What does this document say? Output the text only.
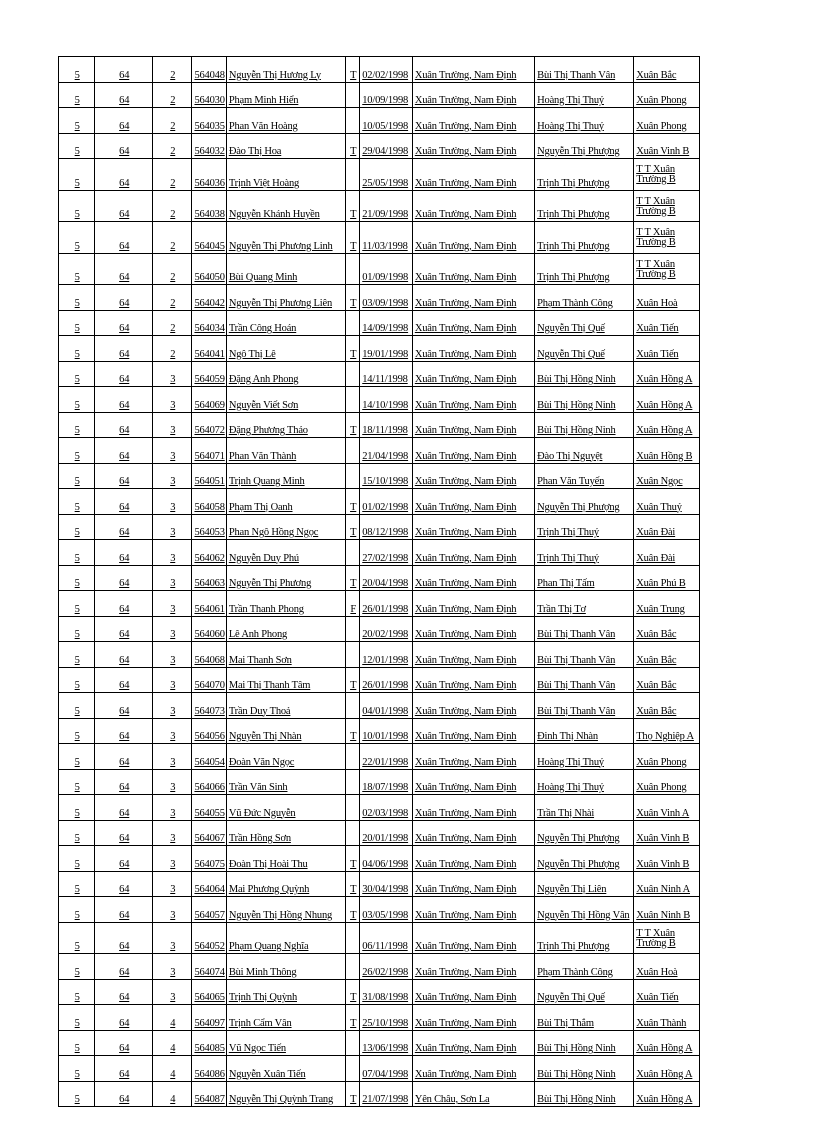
5	64	2	564048	Nguyễn Thị Hương Ly	T	02/02/1998	Xuân Trường, Nam Định	Bùi Thị Thanh Vân	Xuân Bắc
5	64	2	564030	Phạm Minh Hiển		10/09/1998	Xuân Trường, Nam Định	Hoàng Thị Thuý	Xuân Phong
5	64	2	564035	Phan Văn Hoàng		10/05/1998	Xuân Trường, Nam Định	Hoàng Thị Thuý	Xuân Phong
5	64	2	564032	Đào Thị Hoa	T	29/04/1998	Xuân Trường, Nam Định	Nguyễn Thị Phượng	Xuân Vinh B
5	64	2	564036	Trịnh Việt Hoàng		25/05/1998	Xuân Trường, Nam Định	Trịnh Thị Phượng	T T Xuân Trường B
5	64	2	564038	Nguyễn Khánh Huyền	T	21/09/1998	Xuân Trường, Nam Định	Trịnh Thị Phượng	T T Xuân Trường B
5	64	2	564045	Nguyễn Thị Phương Linh	T	11/03/1998	Xuân Trường, Nam Định	Trịnh Thị Phượng	T T Xuân Trường B
5	64	2	564050	Bùi Quang Minh		01/09/1998	Xuân Trường, Nam Định	Trịnh Thị Phượng	T T Xuân Trường B
5	64	2	564042	Nguyễn Thị Phương Liên	T	03/09/1998	Xuân Trường, Nam Định	Phạm Thành Công	Xuân Hoà
5	64	2	564034	Trần Công Hoán		14/09/1998	Xuân Trường, Nam Định	Nguyễn Thị Quế	Xuân Tiến
5	64	2	564041	Ngô Thị Lê	T	19/01/1998	Xuân Trường, Nam Định	Nguyễn Thị Quế	Xuân Tiến
5	64	3	564059	Đặng Anh Phong		14/11/1998	Xuân Trường, Nam Định	Bùi Thị Hồng Ninh	Xuân Hồng A
5	64	3	564069	Nguyễn Viết Sơn		14/10/1998	Xuân Trường, Nam Định	Bùi Thị Hồng Ninh	Xuân Hồng A
5	64	3	564072	Đặng Phương Thảo	T	18/11/1998	Xuân Trường, Nam Định	Bùi Thị Hồng Ninh	Xuân Hồng A
5	64	3	564071	Phan Văn Thành		21/04/1998	Xuân Trường, Nam Định	Đào Thị Nguyệt	Xuân Hồng B
5	64	3	564051	Trịnh Quang Minh		15/10/1998	Xuân Trường, Nam Định	Phan Văn Tuyến	Xuân Ngọc
5	64	3	564058	Phạm Thị Oanh	T	01/02/1998	Xuân Trường, Nam Định	Nguyễn Thị Phượng	Xuân Thuỷ
5	64	3	564053	Phan Ngô Hồng Ngọc	T	08/12/1998	Xuân Trường, Nam Định	Trịnh Thị Thuý	Xuân Đài
5	64	3	564062	Nguyễn Duy Phú		27/02/1998	Xuân Trường, Nam Định	Trịnh Thị Thuý	Xuân Đài
5	64	3	564063	Nguyễn Thị Phương	T	20/04/1998	Xuân Trường, Nam Định	Phan Thị Tấm	Xuân Phú B
5	64	3	564061	Trần Thanh Phong	F	26/01/1998	Xuân Trường, Nam Định	Trần Thị Tơ	Xuân Trung
5	64	3	564060	Lê Anh Phong		20/02/1998	Xuân Trường, Nam Định	Bùi Thị Thanh Vân	Xuân Bắc
5	64	3	564068	Mai Thanh Sơn		12/01/1998	Xuân Trường, Nam Định	Bùi Thị Thanh Vân	Xuân Bắc
5	64	3	564070	Mai Thị Thanh Tâm	T	26/01/1998	Xuân Trường, Nam Định	Bùi Thị Thanh Vân	Xuân Bắc
5	64	3	564073	Trần Duy Thoả		04/01/1998	Xuân Trường, Nam Định	Bùi Thị Thanh Vân	Xuân Bắc
5	64	3	564056	Nguyễn Thị Nhàn	T	10/01/1998	Xuân Trường, Nam Định	Đinh Thị Nhàn	Thọ Nghiệp A
5	64	3	564054	Đoàn Văn Ngọc		22/01/1998	Xuân Trường, Nam Định	Hoàng Thị Thuý	Xuân Phong
5	64	3	564066	Trần Văn Sinh		18/07/1998	Xuân Trường, Nam Định	Hoàng Thị Thuý	Xuân Phong
5	64	3	564055	Vũ Đức Nguyễn		02/03/1998	Xuân Trường, Nam Định	Trần Thị Nhài	Xuân Vinh A
5	64	3	564067	Trần Hồng Sơn		20/01/1998	Xuân Trường, Nam Định	Nguyễn Thị Phượng	Xuân Vinh B
5	64	3	564075	Đoàn Thị Hoài Thu	T	04/06/1998	Xuân Trường, Nam Định	Nguyễn Thị Phượng	Xuân Vinh B
5	64	3	564064	Mai Phương Quỳnh	T	30/04/1998	Xuân Trường, Nam Định	Nguyễn Thị Liên	Xuân Ninh A
5	64	3	564057	Nguyễn Thị Hồng Nhung	T	03/05/1998	Xuân Trường, Nam Định	Nguyễn Thị Hồng Vân	Xuân Ninh B
5	64	3	564052	Phạm Quang Nghĩa		06/11/1998	Xuân Trường, Nam Định	Trịnh Thị Phượng	T T Xuân Trường B
5	64	3	564074	Bùi Minh Thông		26/02/1998	Xuân Trường, Nam Định	Phạm Thành Công	Xuân Hoà
5	64	3	564065	Trịnh Thị Quỳnh	T	31/08/1998	Xuân Trường, Nam Định	Nguyễn Thị Quế	Xuân Tiến
5	64	4	564097	Trịnh Cẩm Vân	T	25/10/1998	Xuân Trường, Nam Định	Bùi Thị Thắm	Xuân Thành
5	64	4	564085	Vũ Ngọc Tiến		13/06/1998	Xuân Trường, Nam Định	Bùi Thị Hồng Ninh	Xuân Hồng A
5	64	4	564086	Nguyễn Xuân Tiến		07/04/1998	Xuân Trường, Nam Định	Bùi Thị Hồng Ninh	Xuân Hồng A
5	64	4	564087	Nguyễn Thị Quỳnh Trang	T	21/07/1998	Yên Châu, Sơn La	Bùi Thị Hồng Ninh	Xuân Hồng A
